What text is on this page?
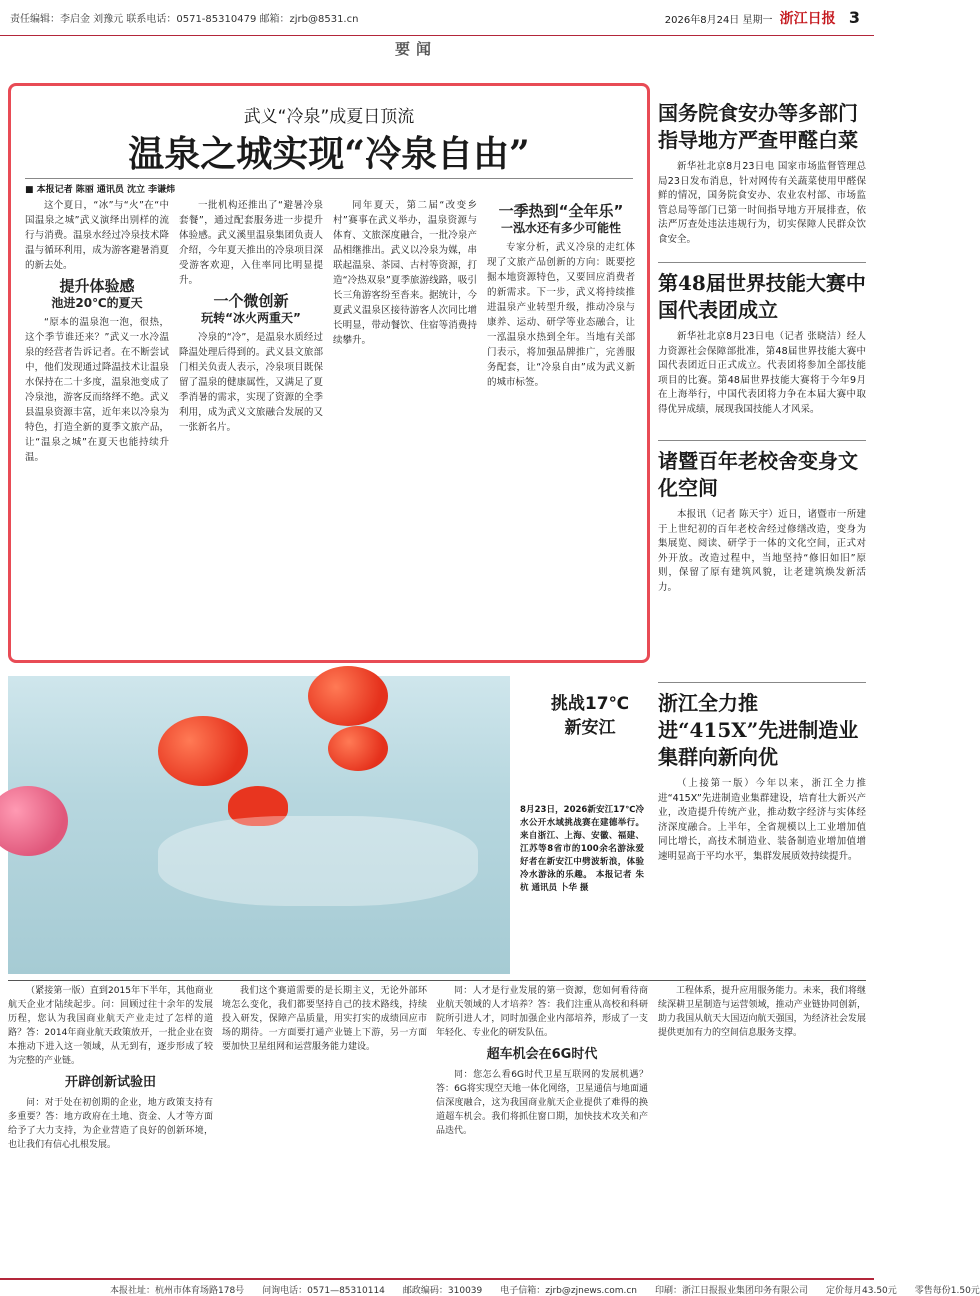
责任编辑：李启金 刘豫元 联系电话：0571-85310479 邮箱：zjrb@8531.cn	2026年8月24日 星期一 浙江日报 3
要闻
武义“冷泉”成夏日顶流
温泉之城实现“冷泉自由”
■ 本报记者 陈丽 通讯员 沈立 李谦炜

这个夏日，“冰”与“火”在“中国温泉之城”武义演绎出别样的流行与消费。温泉水经过冷泉技术降温与循环利用，成为游客避暑消夏的新去处。

提升体验感
池进20℃的夏天

“原本的温泉泡一泡，很热，这个季节谁还来？”武义一水冷温泉的经营者告诉记者。在不断尝试中，他们发现通过降温技术让温泉水保持在二十多度，温泉池变成了冷泉池，游客反而络绎不绝。武义县温泉资源丰富，近年来以冷泉为特色，打造全新的夏季文旅产品，让“温泉之城”在夏天也能持续升温。

一批机构还推出了“避暑冷泉套餐”，通过配套服务进一步提升体验感。武义溪里温泉集团负责人介绍，今年夏天推出的冷泉项目深受游客欢迎，入住率同比明显提升。

一个微创新
玩转“冰火两重天”

冷泉的“冷”，是温泉水质经过降温处理后得到的。武义县文旅部门相关负责人表示，冷泉项目既保留了温泉的健康属性，又满足了夏季消暑的需求，实现了资源的全季利用，成为武义文旅融合发展的又一张新名片。

同年夏天，第二届“改变乡村”赛事在武义举办，温泉资源与体育、文旅深度融合，一批冷泉产品相继推出。武义以冷泉为媒，串联起温泉、茶园、古村等资源，打造“冷热双泉”夏季旅游线路，吸引长三角游客纷至沓来。据统计，今夏武义温泉区接待游客人次同比增长明显，带动餐饮、住宿等消费持续攀升。

一季热到“全年乐”
一泓水还有多少可能性

专家分析，武义冷泉的走红体现了文旅产品创新的方向：既要挖掘本地资源特色，又要回应消费者的新需求。下一步，武义将持续推进温泉产业转型升级，推动冷泉与康养、运动、研学等业态融合，让一泓温泉水热到全年。当地有关部门表示，将加强品牌推广，完善服务配套，让“冷泉自由”成为武义新的城市标签。

国务院食安办等多部门指导地方严查甲醛白菜

新华社北京8月23日电 国家市场监督管理总局23日发布消息，针对网传有关蔬菜使用甲醛保鲜的情况，国务院食安办、农业农村部、市场监管总局等部门已第一时间指导地方开展排查，依法严厉查处违法违规行为，切实保障人民群众饮食安全。

第48届世界技能大赛中国代表团成立

新华社北京8月23日电（记者 张晓洁）经人力资源社会保障部批准，第48届世界技能大赛中国代表团近日正式成立。代表团将参加全部技能项目的比赛。第48届世界技能大赛将于今年9月在上海举行，中国代表团将力争在本届大赛中取得优异成绩，展现我国技能人才风采。

诸暨百年老校舍变身文化空间

本报讯（记者 陈天宇）近日，诸暨市一所建于上世纪初的百年老校舍经过修缮改造，变身为集展览、阅读、研学于一体的文化空间，正式对外开放。改造过程中，当地坚持“修旧如旧”原则，保留了原有建筑风貌，让老建筑焕发新活力。

浙江全力推进“415X”先进制造业集群向新向优

（上接第一版）今年以来，浙江全力推进“415X”先进制造业集群建设，培育壮大新兴产业，改造提升传统产业，推动数字经济与实体经济深度融合。上半年，全省规模以上工业增加值同比增长，高技术制造业、装备制造业增加值增速明显高于平均水平，集群发展质效持续提升。

挑战17℃
新安江
8月23日，2026新安江17℃冷水公开水域挑战赛在建德举行。来自浙江、上海、安徽、福建、江苏等8省市的100余名游泳爱好者在新安江中劈波斩浪，体验冷水游泳的乐趣。 本报记者 朱杭 通讯员 卜华 摄

（紧接第一版）直到2015年下半年，其他商业航天企业才陆续起步。问：回顾过往十余年的发展历程，您认为我国商业航天产业走过了怎样的道路？答：2014年商业航天政策放开，一批企业在资本推动下进入这一领域，从无到有，逐步形成了较为完整的产业链。

开辟创新试验田

问：对于处在初创期的企业，地方政策支持有多重要？答：地方政府在土地、资金、人才等方面给予了大力支持，为企业营造了良好的创新环境，也让我们有信心扎根发展。

我们这个赛道需要的是长期主义，无论外部环境怎么变化，我们都要坚持自己的技术路线，持续投入研发，保障产品质量，用实打实的成绩回应市场的期待。一方面要打通产业链上下游，另一方面要加快卫星组网和运营服务能力建设。

同：人才是行业发展的第一资源，您如何看待商业航天领域的人才培养？答：我们注重从高校和科研院所引进人才，同时加强企业内部培养，形成了一支年轻化、专业化的研发队伍。

超车机会在6G时代

同：您怎么看6G时代卫星互联网的发展机遇？答：6G将实现空天地一体化网络，卫星通信与地面通信深度融合，这为我国商业航天企业提供了难得的换道超车机会。我们将抓住窗口期，加快技术攻关和产品迭代。

工程体系，提升应用服务能力。未来，我们将继续深耕卫星制造与运营领域，推动产业链协同创新，助力我国从航天大国迈向航天强国，为经济社会发展提供更加有力的空间信息服务支撑。

本报社址：杭州市体育场路178号　　问询电话：0571—85310114　　邮政编码：310039　　电子信箱：zjrb@zjnews.com.cn　　印刷：浙江日报报业集团印务有限公司　　定价每月43.50元　　零售每份1.50元
